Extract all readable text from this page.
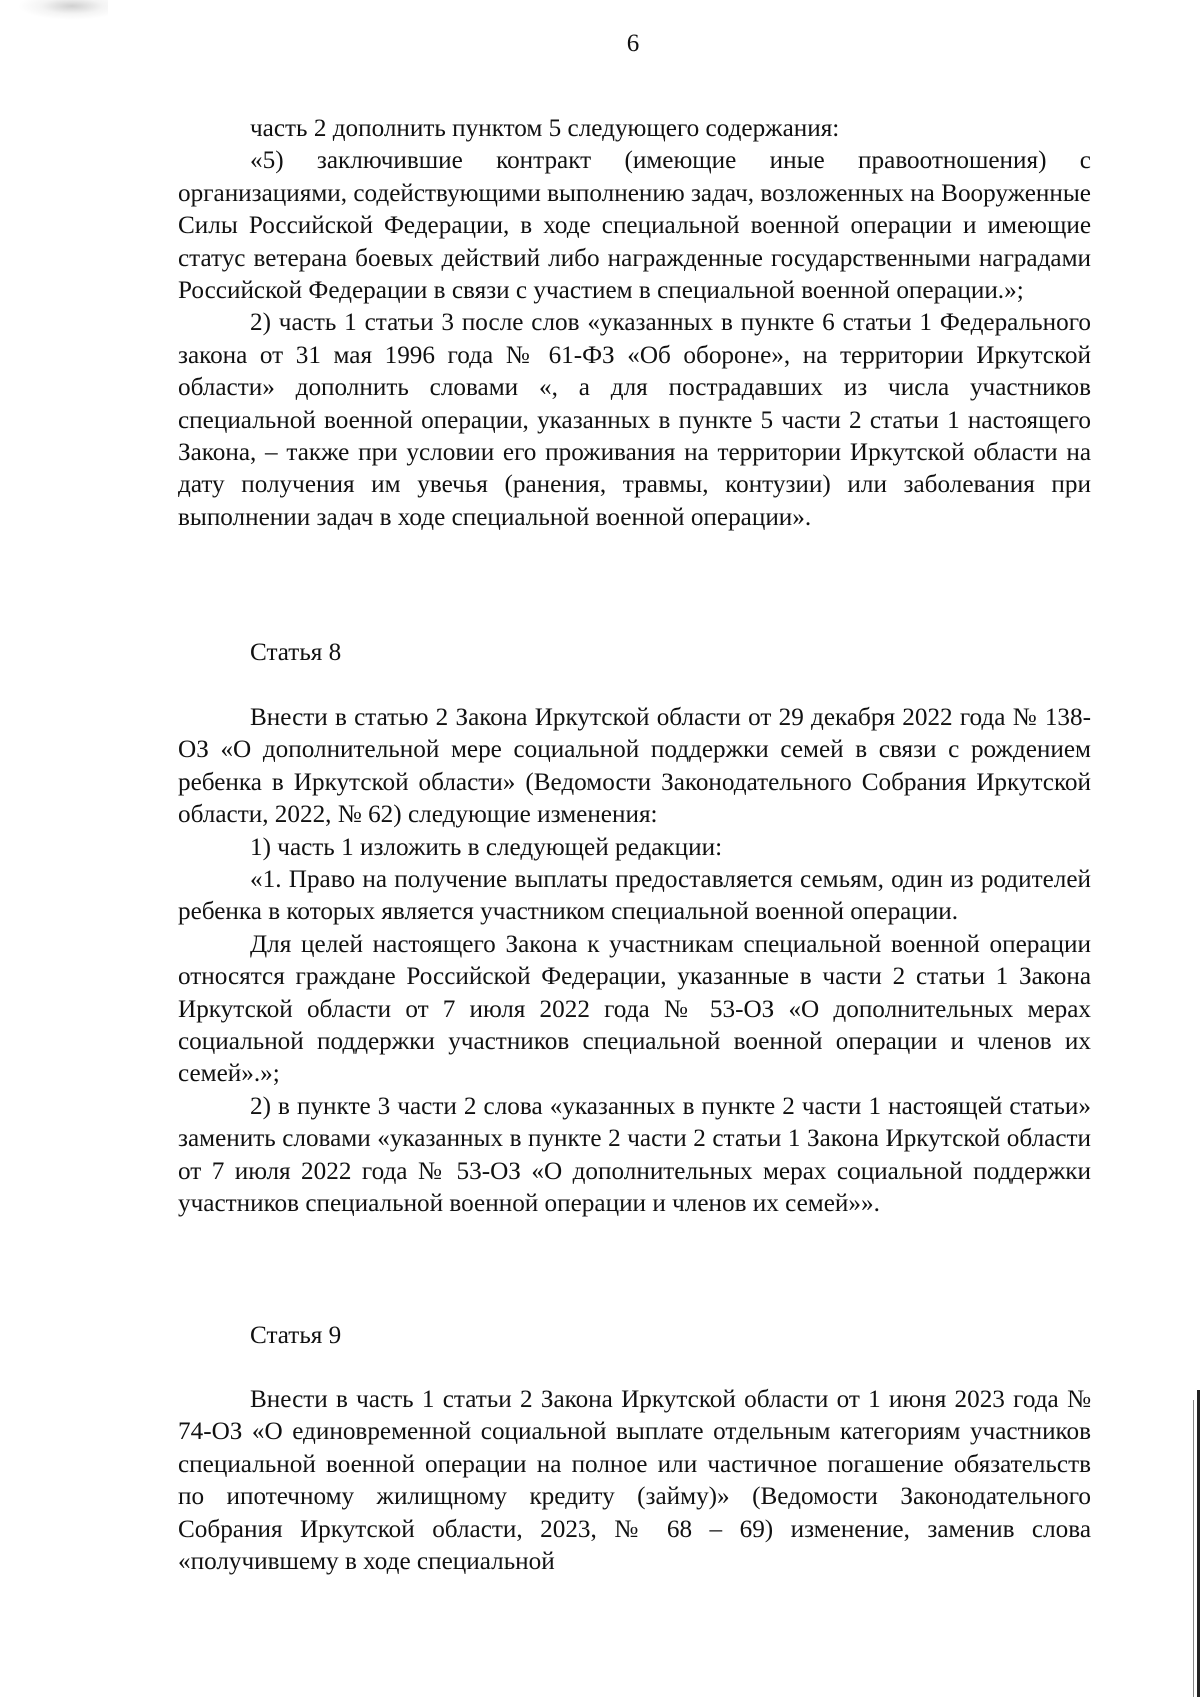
6

часть 2 дополнить пунктом 5 следующего содержания:

«5) заключившие контракт (имеющие иные правоотношения) с организациями, содействующими выполнению задач, возложенных на Вооруженные Силы Российской Федерации, в ходе специальной военной операции и имеющие статус ветерана боевых действий либо награжденные государственными наградами Российской Федерации в связи с участием в специальной военной операции.»;

2) часть 1 статьи 3 после слов «указанных в пункте 6 статьи 1 Федерального закона от 31 мая 1996 года № 61-ФЗ «Об обороне», на территории Иркутской области» дополнить словами «, а для пострадавших из числа участников специальной военной операции, указанных в пункте 5 части 2 статьи 1 настоящего Закона, – также при условии его проживания на территории Иркутской области на дату получения им увечья (ранения, травмы, контузии) или заболевания при выполнении задач в ходе специальной военной операции».

Статья 8

Внести в статью 2 Закона Иркутской области от 29 декабря 2022 года № 138-ОЗ «О дополнительной мере социальной поддержки семей в связи с рождением ребенка в Иркутской области» (Ведомости Законодательного Собрания Иркутской области, 2022, № 62) следующие изменения:

1) часть 1 изложить в следующей редакции:

«1. Право на получение выплаты предоставляется семьям, один из родителей ребенка в которых является участником специальной военной операции.

Для целей настоящего Закона к участникам специальной военной операции относятся граждане Российской Федерации, указанные в части 2 статьи 1 Закона Иркутской области от 7 июля 2022 года № 53-ОЗ «О дополнительных мерах социальной поддержки участников специальной военной операции и членов их семей».»;

2) в пункте 3 части 2 слова «указанных в пункте 2 части 1 настоящей статьи» заменить словами «указанных в пункте 2 части 2 статьи 1 Закона Иркутской области от 7 июля 2022 года № 53-ОЗ «О дополнительных мерах социальной поддержки участников специальной военной операции и членов их семей»».

Статья 9

Внести в часть 1 статьи 2 Закона Иркутской области от 1 июня 2023 года № 74-ОЗ «О единовременной социальной выплате отдельным категориям участников специальной военной операции на полное или частичное погашение обязательств по ипотечному жилищному кредиту (займу)» (Ведомости Законодательного Собрания Иркутской области, 2023, № 68 – 69) изменение, заменив слова «получившему в ходе специальной
